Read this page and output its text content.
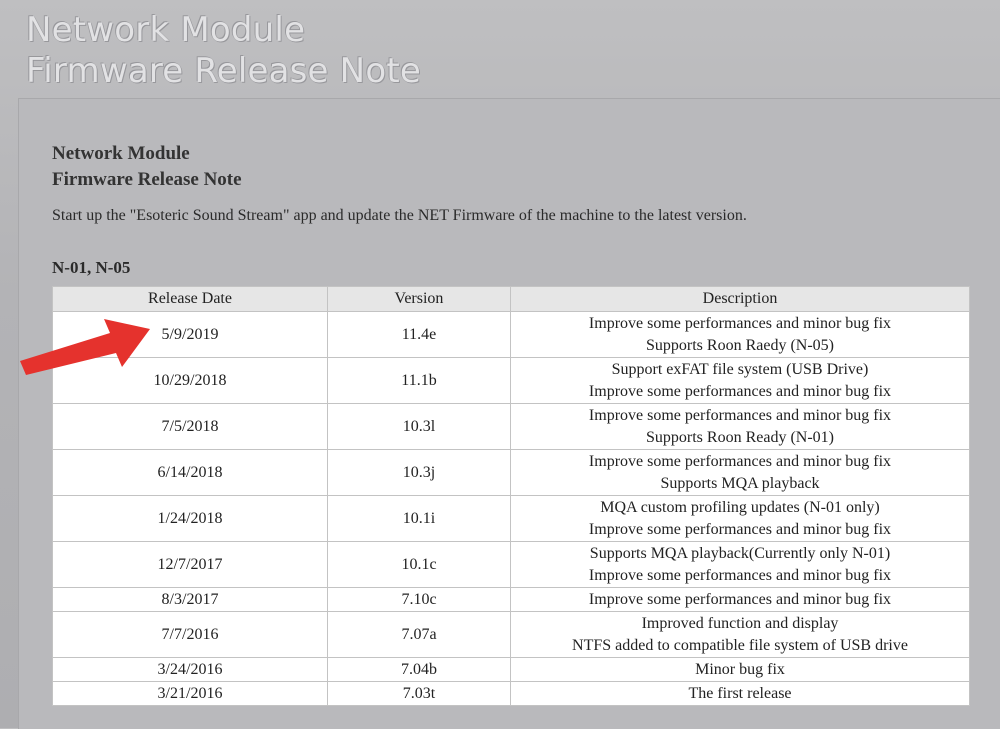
Network Module
Firmware Release Note
Network Module
Firmware Release Note
Start up the "Esoteric Sound Stream" app and update the NET Firmware of the machine to the latest version.
N-01, N-05
Release Date	Version	Description
5/9/2019	11.4e	Improve some performances and minor bug fix
Supports Roon Raedy (N-05)

10/29/2018	11.1b	Support exFAT file system (USB Drive)
Improve some performances and minor bug fix

7/5/2018	10.3l	Improve some performances and minor bug fix
Supports Roon Ready (N-01)

6/14/2018	10.3j	Improve some performances and minor bug fix
Supports MQA playback

1/24/2018	10.1i	MQA custom profiling updates (N-01 only)
Improve some performances and minor bug fix

12/7/2017	10.1c	Supports MQA playback(Currently only N-01)
Improve some performances and minor bug fix

8/3/2017	7.10c	Improve some performances and minor bug fix

7/7/2016	7.07a	Improved function and display
NTFS added to compatible file system of USB drive

3/24/2016	7.04b	Minor bug fix

3/21/2016	7.03t	The first release
